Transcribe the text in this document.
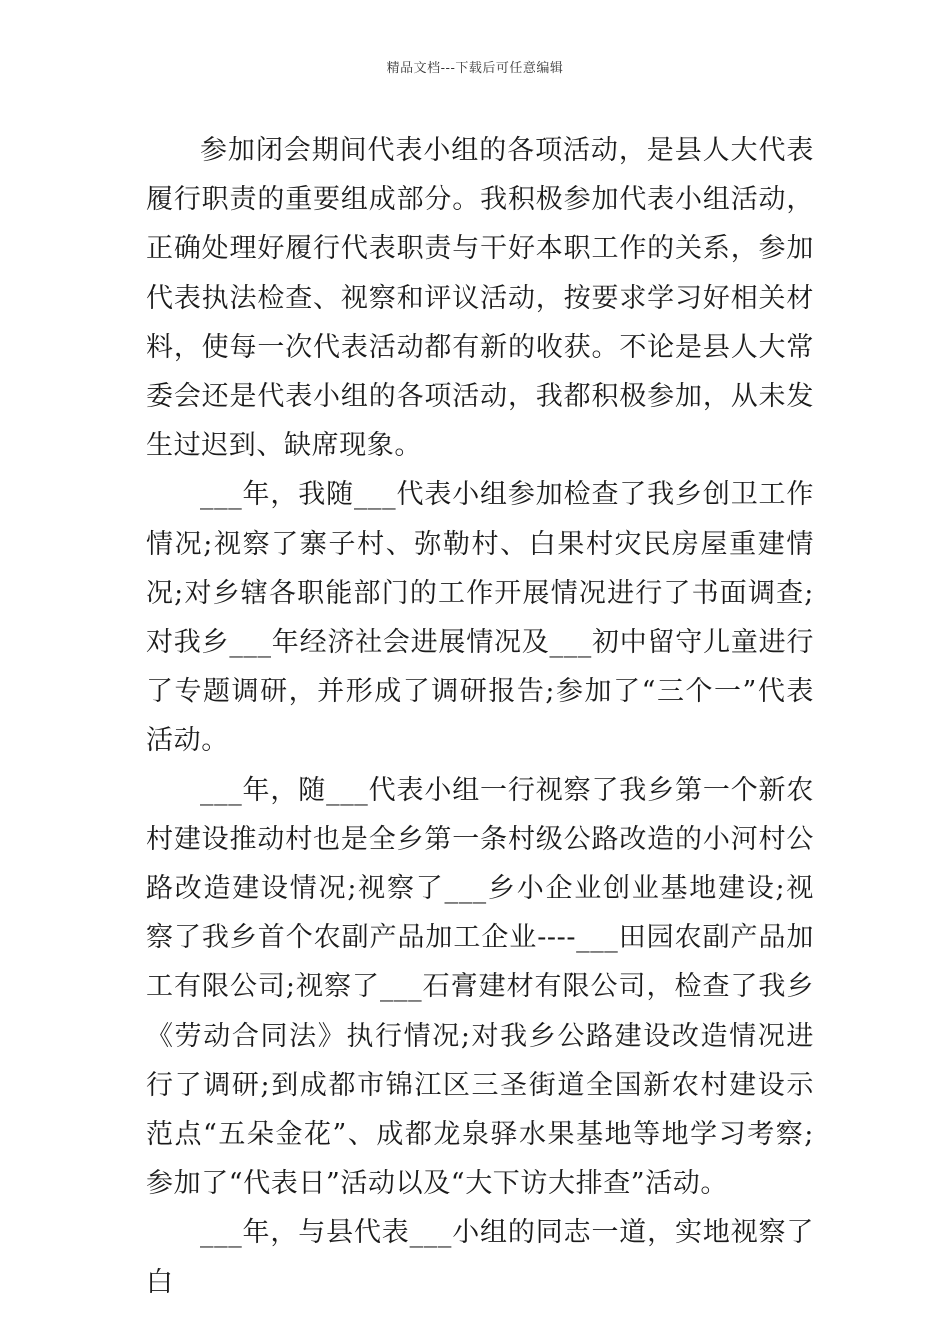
精品文档---下载后可任意编辑

参加闭会期间代表小组的各项活动，是县人大代表履行职责的重要组成部分。我积极参加代表小组活动，正确处理好履行代表职责与干好本职工作的关系，参加代表执法检查、视察和评议活动，按要求学习好相关材料，使每一次代表活动都有新的收获。不论是县人大常委会还是代表小组的各项活动，我都积极参加，从未发生过迟到、缺席现象。

___年，我随___代表小组参加检查了我乡创卫工作情况;视察了寨子村、弥勒村、白果村灾民房屋重建情况;对乡辖各职能部门的工作开展情况进行了书面调查;对我乡___年经济社会进展情况及___初中留守儿童进行了专题调研，并形成了调研报告;参加了“三个一”代表活动。

___年，随___代表小组一行视察了我乡第一个新农村建设推动村也是全乡第一条村级公路改造的小河村公路改造建设情况;视察了___乡小企业创业基地建设;视察了我乡首个农副产品加工企业----___田园农副产品加工有限公司;视察了___石膏建材有限公司，检查了我乡《劳动合同法》执行情况;对我乡公路建设改造情况进行了调研;到成都市锦江区三圣街道全国新农村建设示范点“五朵金花”、成都龙泉驿水果基地等地学习考察;参加了“代表日”活动以及“大下访大排查”活动。

___年，与县代表___小组的同志一道，实地视察了白
